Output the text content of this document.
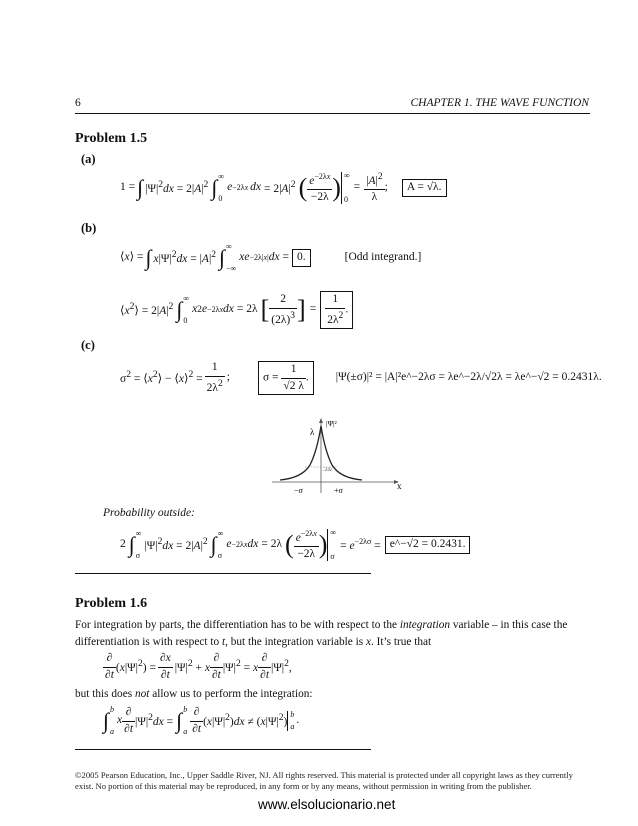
6	CHAPTER 1. THE WAVE FUNCTION
Problem 1.5
(a)
1 = ∫ $|\Psi|^2dx = 2|A|^2$ ∫ ∞
0
e −2λx dx = $2|A|^2$ ( $\frac{e^{-2\lambda x}}{-2\lambda}$ ) ∞
0
= $\frac{|A|^2}{\lambda}$ ;	A = √λ.
(b)
⟨x⟩ = ∫ $x|\Psi|^2dx = |A|^2$ ∫ ∞
−∞
xe −2λ|x| dx = 0.	[Odd integrand.]
$⟨x^2⟩ = 2|A|^2$ ∫ ∞
0
x 2 e −2λx dx = 2λ [ $\frac{2}{(2\lambda)^3}$ ] = $\frac{1}{2\lambda^2}$ .
(c)
$\sigma^2$ = $⟨x^2⟩$ − ⟨x⟩$^2$ = $\frac{1}{2\lambda^2}$ ;	$\sigma = \frac{1}{√2 \lambda}$ .	|Ψ(±σ)|² = |A|²e^−2λσ = λe^−2λ/√2λ = λe^−√2 = 0.2431λ.
|Ψ|²
λ
.24λ
x
−σ	+σ
Probability outside:
2 ∫ ∞
σ
$|\Psi|^2dx = 2|A|^2$ ∫ ∞
σ
e −2λx dx = 2λ ( $\frac{e^{-2\lambda x}}{-2\lambda}$ ) ∞
σ
= $e^{-2\lambda\sigma}$ = e^−√2 = 0.2431.
Problem 1.6
For integration by parts, the differentiation has to be with respect to the integration variable – in this case the differentiation is with respect to t, but the integration variable is x. It’s true that
$\frac{\partial}{\partial t} (x|\Psi|^2) = \frac{\partial x}{\partial t} |\Psi|^2 + x \frac{\partial}{\partial t} |\Psi|^2 = x \frac{\partial}{\partial t} |\Psi|^2$,
but this does not allow us to perform the integration:
∫ b
a
x $\frac{\partial}{\partial t} |\Psi|^2dx$ = ∫ b
a $\frac{\partial}{\partial t} (x|\Psi|^2)dx \ne (x|\Psi|^2)$
b
a
.
©2005 Pearson Education, Inc., Upper Saddle River, NJ. All rights reserved. This material is protected under all copyright laws as they currently exist. No portion of this material may be reproduced, in any form or by any means, without permission in writing from the publisher.
www.elsolucionario.net
